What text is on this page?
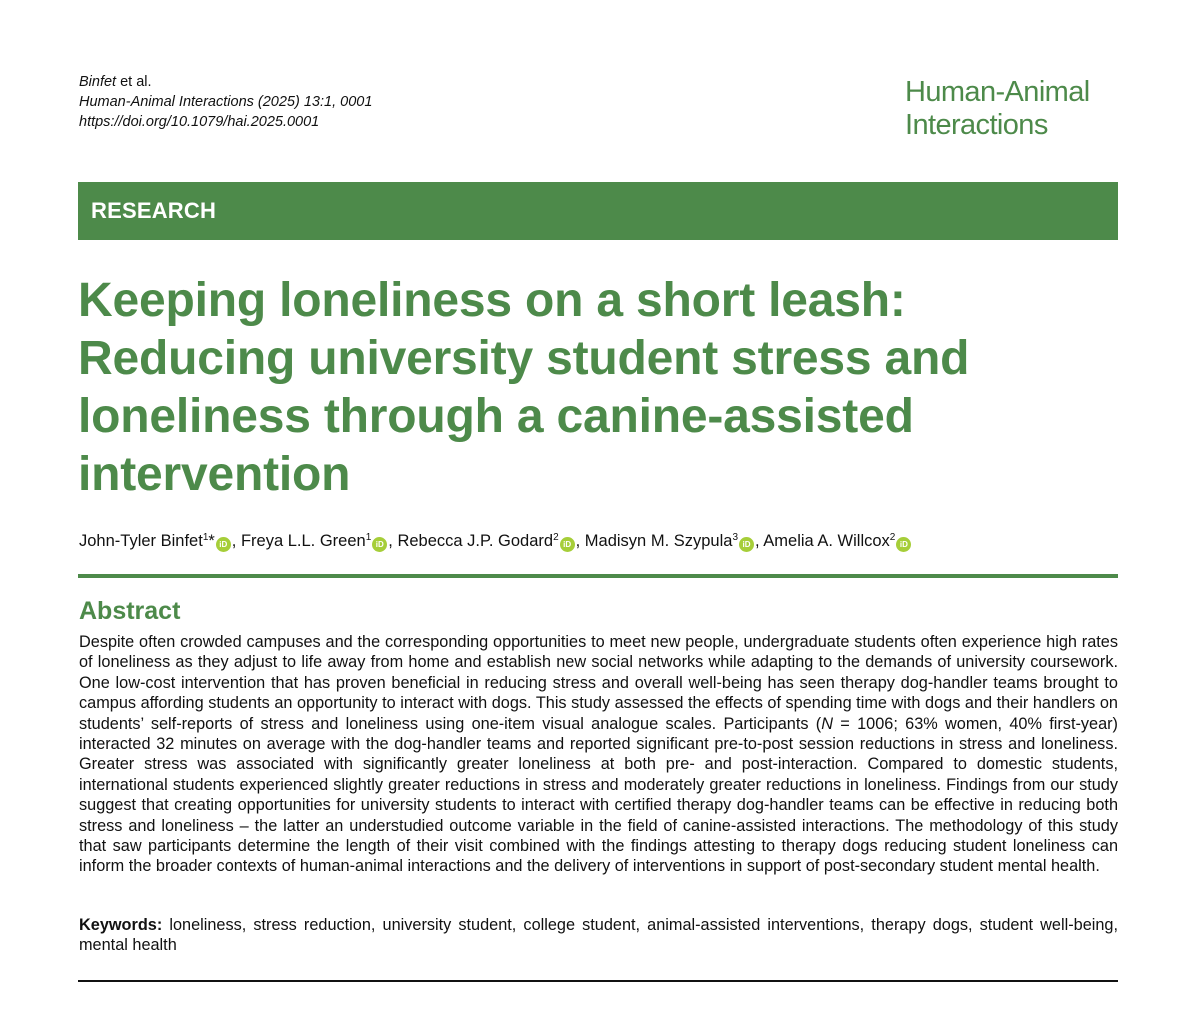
Binfet et al.
Human-Animal Interactions (2025) 13:1, 0001
https://doi.org/10.1079/hai.2025.0001
Human-Animal
Interactions
RESEARCH
Keeping loneliness on a short leash:
Reducing university student stress and
loneliness through a canine-assisted
intervention
John-Tyler Binfet$^1$* iD , Freya L.L. Green$^1$iD , Rebecca J.P. Godard$^2$iD , Madisyn M. Szypula$^3$iD , Amelia A. Willcox$^2$iD
Abstract

Despite often crowded campuses and the corresponding opportunities to meet new people, undergraduate students often experience high rates of loneliness as they adjust to life away from home and establish new social networks while adapting to the demands of university coursework. One low-cost intervention that has proven beneficial in reducing stress and overall well-being has seen therapy dog-handler teams brought to campus affording students an opportunity to interact with dogs. This study assessed the effects of spending time with dogs and their handlers on students’ self-reports of stress and loneliness using one-item visual analogue scales. Participants (N = 1006; 63% women, 40% first-year) interacted 32 minutes on average with the dog-handler teams and reported significant pre-to-post session reductions in stress and loneliness. Greater stress was associated with significantly greater loneliness at both pre- and post-interaction. Compared to domestic students, international students experienced slightly greater reductions in stress and moderately greater reductions in loneliness. Findings from our study suggest that creating opportunities for university students to interact with certified therapy dog-handler teams can be effective in reducing both stress and loneliness – the latter an understudied outcome variable in the field of canine-assisted interactions. The methodology of this study that saw participants determine the length of their visit combined with the findings attesting to therapy dogs reducing student loneliness can inform the broader contexts of human-animal interactions and the delivery of interventions in support of post-secondary student mental health.

Keywords: loneliness, stress reduction, university student, college student, animal-assisted interventions, therapy dogs, student well-being, mental health
